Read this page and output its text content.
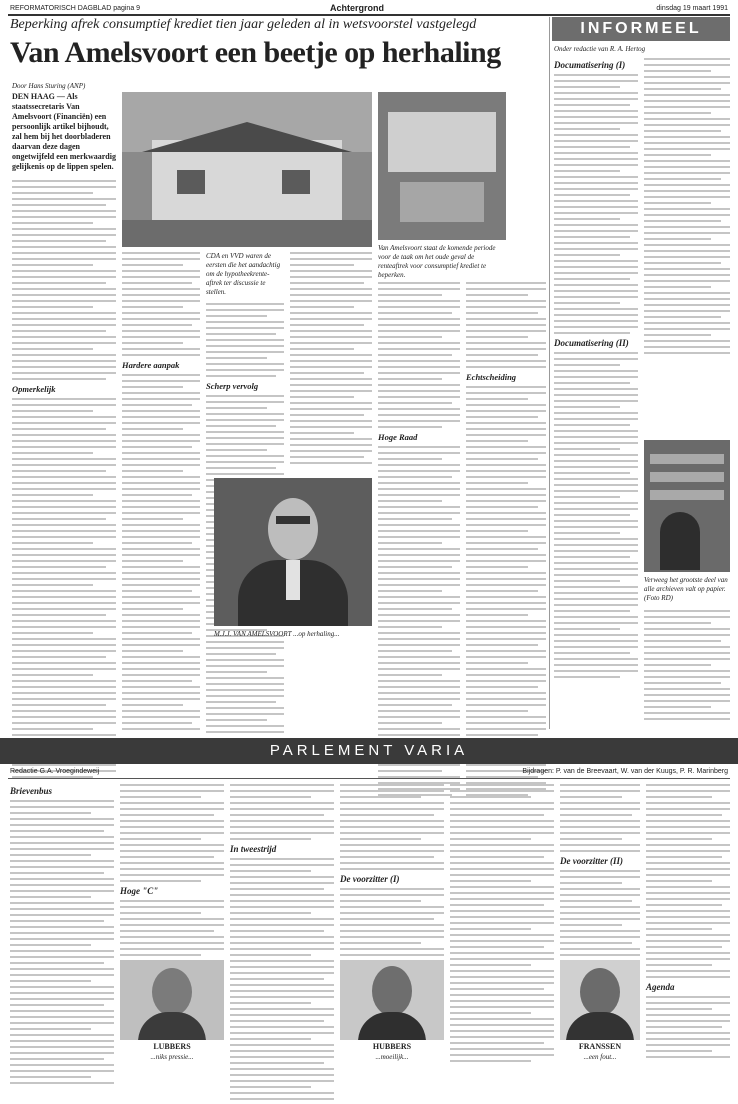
REFORMATORISCH DAGBLAD pagina 9	Achtergrond	dinsdag 19 maart 1991
Beperking afrek consumptief krediet tien jaar geleden al in wetsvoorstel vastgelegd
Van Amelsvoort een beetje op herhaling
Door Hans Sturing (ANP)
DEN HAAG — Als staatssecretaris Van Amelsvoort (Financiën) een persoonlijk artikel bijhoudt, zal hem bij het doorbladeren daarvan deze dagen ongetwijfeld een merkwaardig gelijkenis op de lippen spelen.
Opmerkelijk
Van Amelsvoort staat de komende periode voor de taak om het oude geval de renteaftrek voor consumptief krediet te beperken.
Hardere aanpak
CDA en VVD waren de eersten die het aandachtig om de hypotheekrente-aftrek ter discussie te stellen.
Scherp vervolg
M.J.J. VAN AMELSVOORT ...op herhaling...
Hoge Raad
Echtscheiding
INFORMEEL
Onder redactie van R. A. Hertog
Documatisering (I)
Documatisering (II)
Verweeg het grootste deel van alle archieven valt op papier. (Foto RD)
PARLEMENT VARIA
Redactie G.A. Vroegindeweij	Bijdragen: P. van de Breevaart, W. van der Kuugs, P. R. Marinberg
Brievenbus
Hoge "C"
LUBBERS
...niks pressie...
In tweestrijd
De voorzitter (I)
HUBBERS
...moeilijk...
De voorzitter (II)
FRANSSEN
...een fout...
Agenda
